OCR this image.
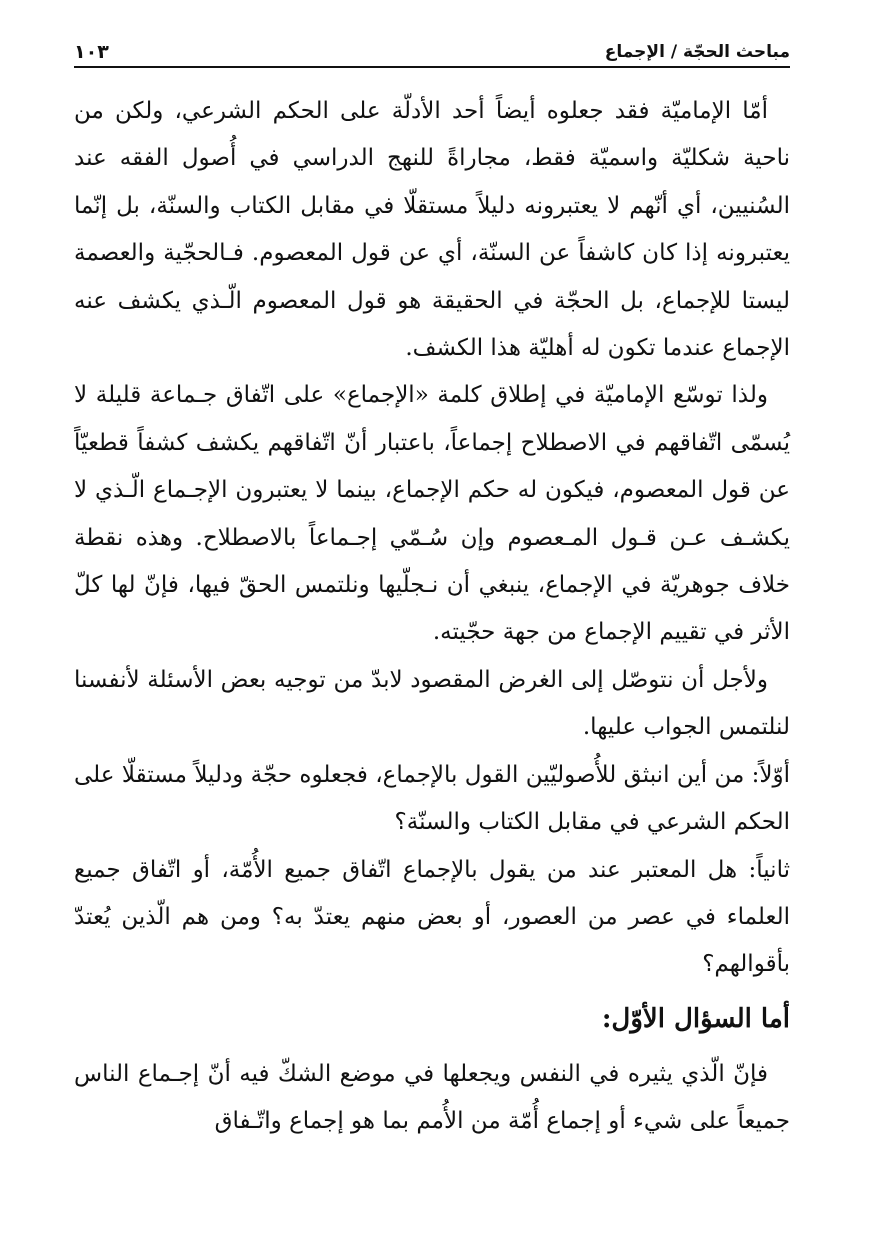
مباحث الحجّة / الإجماع
١٠٣

أمّا الإماميّة فقد جعلوه أيضاً أحد الأدلّة على الحكم الشرعي، ولكن من ناحية شكليّة واسميّة فقط، مجاراةً للنهج الدراسي في أُصول الفقه عند السُنيين، أي أنّهم لا يعتبرونه دليلاً مستقلّا في مقابل الكتاب والسنّة، بل إنّما يعتبرونه إذا كان كاشفاً عن السنّة، أي عن قول المعصوم. فـالحجّية والعصمة ليستا للإجماع، بل الحجّة في الحقيقة هو قول المعصوم الّـذي يكشف عنه الإجماع عندما تكون له أهليّة هذا الكشف.

ولذا توسّع الإماميّة في إطلاق كلمة «الإجماع» على اتّفاق جـماعة قليلة لا يُسمّى اتّفاقهم في الاصطلاح إجماعاً، باعتبار أنّ اتّفاقهم يكشف كشفاً قطعيّاً عن قول المعصوم، فيكون له حكم الإجماع، بينما لا يعتبرون الإجـماع الّـذي لا يكشـف عـن قـول المـعصوم وإن سُـمّي إجـماعاً بالاصطلاح. وهذه نقطة خلاف جوهريّة في الإجماع، ينبغي أن نـجلّيها ونلتمس الحقّ فيها، فإنّ لها كلّ الأثر في تقييم الإجماع من جهة حجّيته.

ولأجل أن نتوصّل إلى الغرض المقصود لابدّ من توجيه بعض الأسئلة لأنفسنا لنلتمس الجواب عليها.

أوّلاً: من أين انبثق للأُصوليّين القول بالإجماع، فجعلوه حجّة ودليلاً مستقلّا على الحكم الشرعي في مقابل الكتاب والسنّة؟

ثانياً: هل المعتبر عند من يقول بالإجماع اتّفاق جميع الأُمّة، أو اتّفاق جميع العلماء في عصر من العصور، أو بعض منهم يعتدّ به؟ ومن هم الّذين يُعتدّ بأقوالهم؟

أما السؤال الأوّل:

فإنّ الّذي يثيره في النفس ويجعلها في موضع الشكّ فيه أنّ إجـماع الناس جميعاً على شيء أو إجماع أُمّة من الأُمم بما هو إجماع واتّـفاق
